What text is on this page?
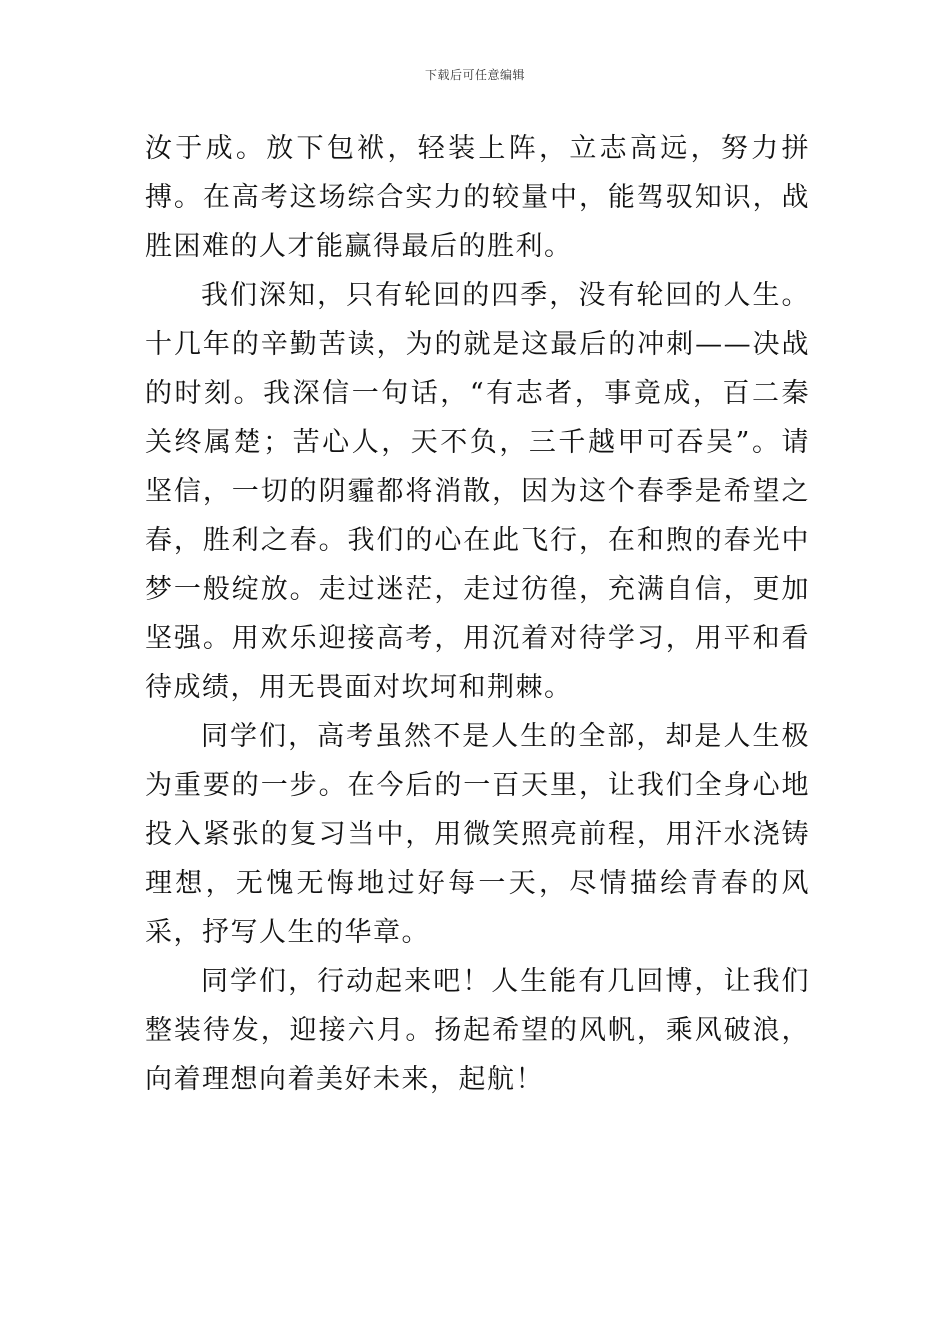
下载后可任意编辑

汝于成。放下包袱，轻装上阵，立志高远，努力拼搏。在高考这场综合实力的较量中，能驾驭知识，战胜困难的人才能赢得最后的胜利。

我们深知，只有轮回的四季，没有轮回的人生。十几年的辛勤苦读，为的就是这最后的冲刺——决战的时刻。我深信一句话，“有志者，事竟成，百二秦关终属楚；苦心人，天不负，三千越甲可吞吴”。请坚信，一切的阴霾都将消散，因为这个春季是希望之春，胜利之春。我们的心在此飞行，在和煦的春光中梦一般绽放。走过迷茫，走过彷徨，充满自信，更加坚强。用欢乐迎接高考，用沉着对待学习，用平和看待成绩，用无畏面对坎坷和荆棘。

同学们，高考虽然不是人生的全部，却是人生极为重要的一步。在今后的一百天里，让我们全身心地投入紧张的复习当中，用微笑照亮前程，用汗水浇铸理想，无愧无悔地过好每一天，尽情描绘青春的风采，抒写人生的华章。

同学们，行动起来吧！人生能有几回博，让我们整装待发，迎接六月。扬起希望的风帆，乘风破浪，向着理想向着美好未来，起航！
